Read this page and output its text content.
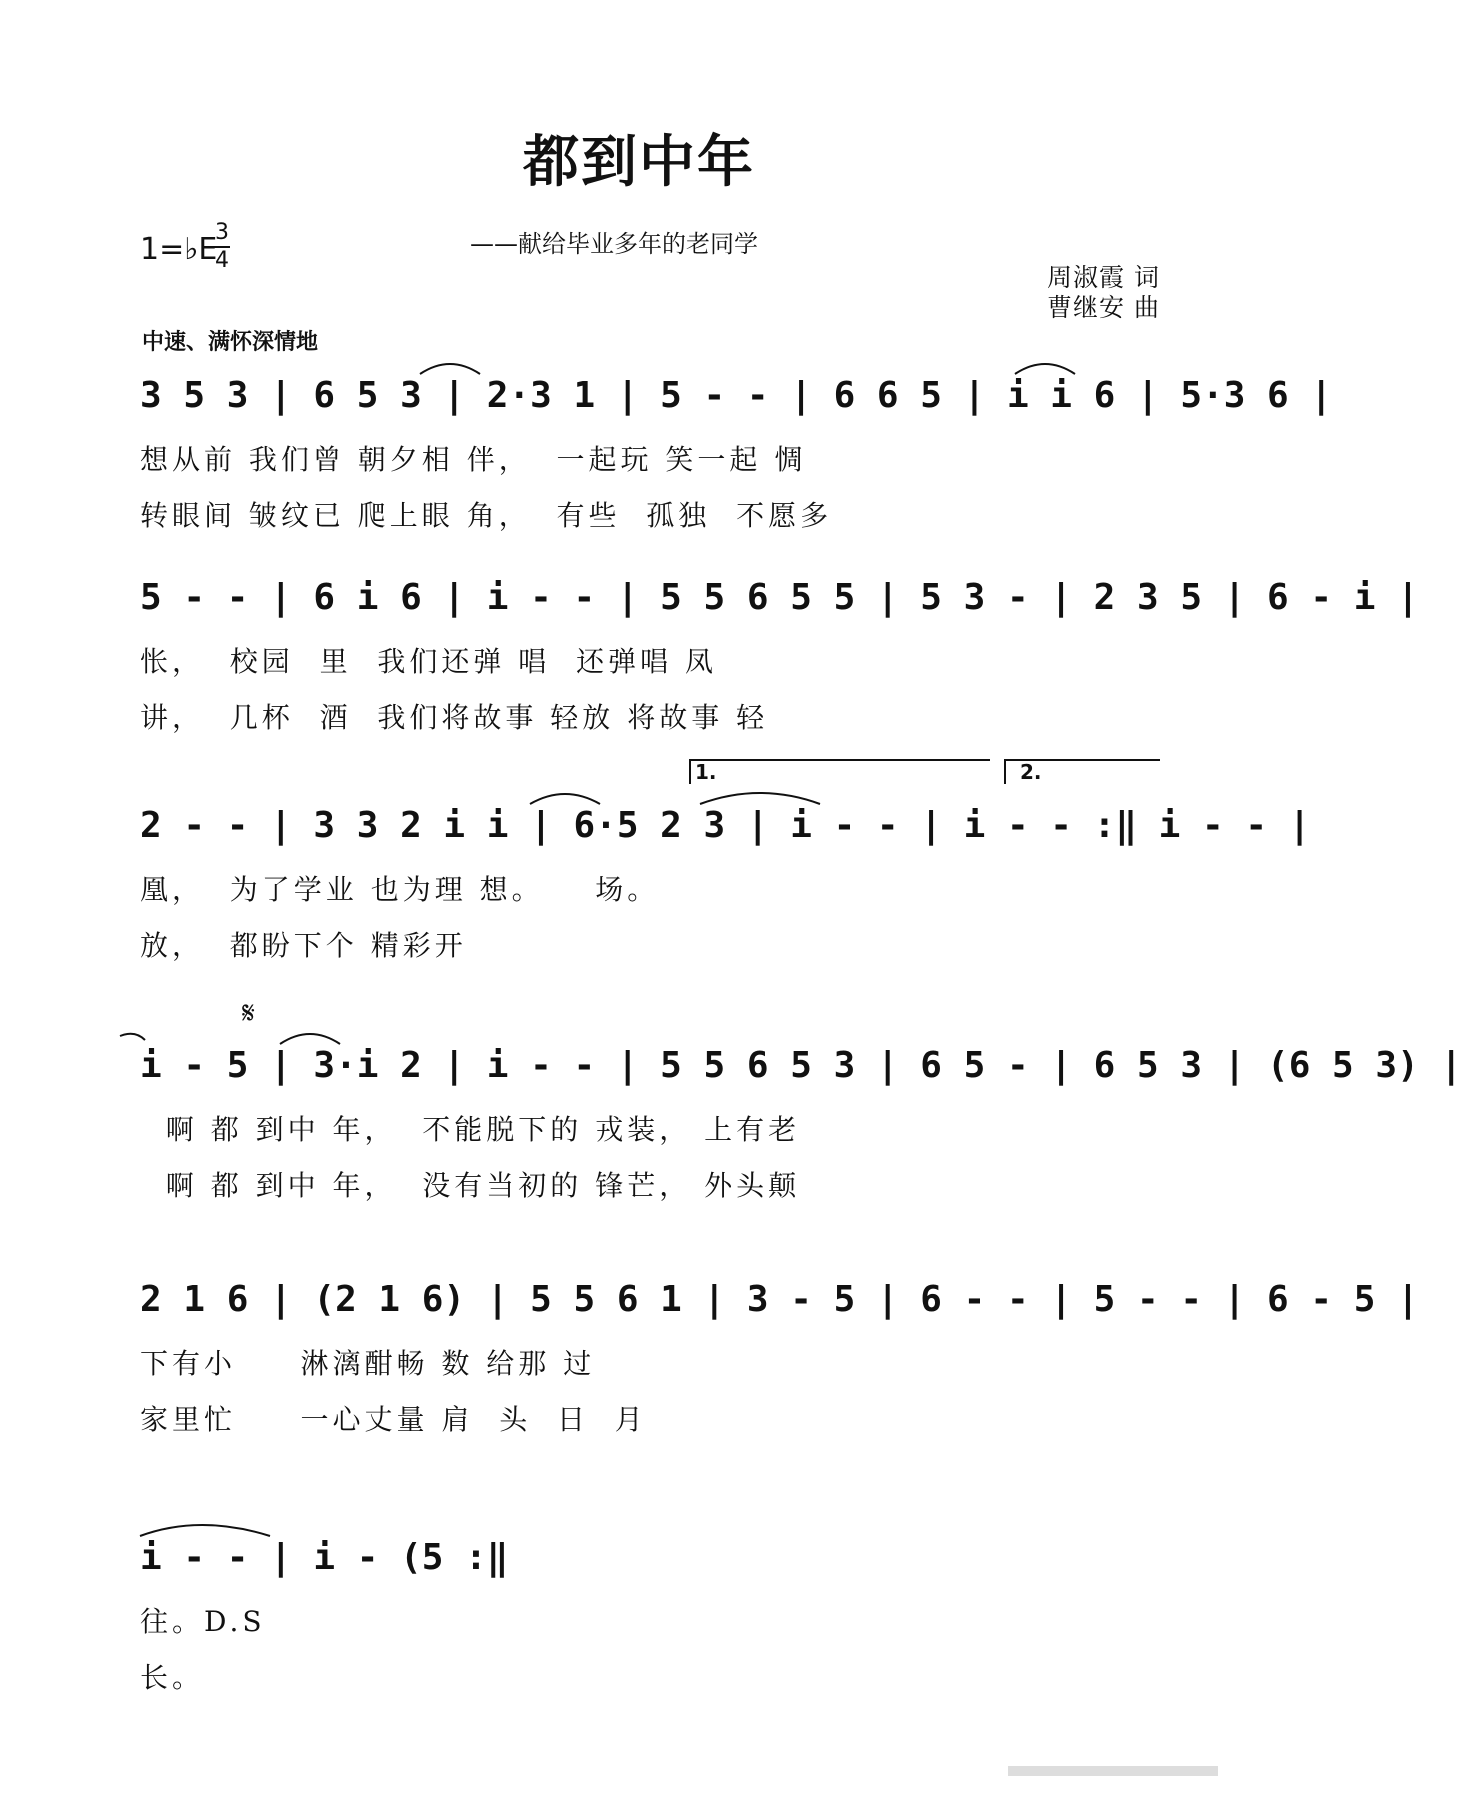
都到中年
——献给毕业多年的老同学
1=♭E
3
4
周淑霞 词
曹继安 曲
中速、满怀深情地
3 5 3 | 6 5 3 | 2·3 1 | 5 - - | 6 6 5 | i i 6 | 5·3 6 |
想从前 我们曾 朝夕相 伴，  一起玩 笑一起 惆
转眼间 皱纹已 爬上眼 角，  有些  孤独  不愿多
5 - - | 6 i 6 | i - - | 5 5 6 5 5 | 5 3 - | 2 3 5 | 6 - i |
怅，  校园  里  我们还弹 唱  还弹唱 凤
讲，  几杯  酒  我们将故事 轻放 将故事 轻
1.	2.
2 - - | 3 3 2 i i | 6·5 2 3 | i - - | i - - :‖ i - - |
凰，  为了学业 也为理 想。    场。
放，  都盼下个 精彩开
𝄋
i - 5 | 3·i 2 | i - - | 5 5 6 5 3 | 6 5 - | 6 5 3 | (6 5 3) |
啊 都 到中 年，  不能脱下的 戎装， 上有老
啊 都 到中 年，  没有当初的 锋芒， 外头颠
2 1 6 | (2 1 6) | 5 5 6 1 | 3 - 5 | 6 - - | 5 - - | 6 - 5 |
下有小     淋漓酣畅 数 给那 过
家里忙     一心丈量 肩  头  日  月
i - - | i - (5 :‖
往。D.S
长。
